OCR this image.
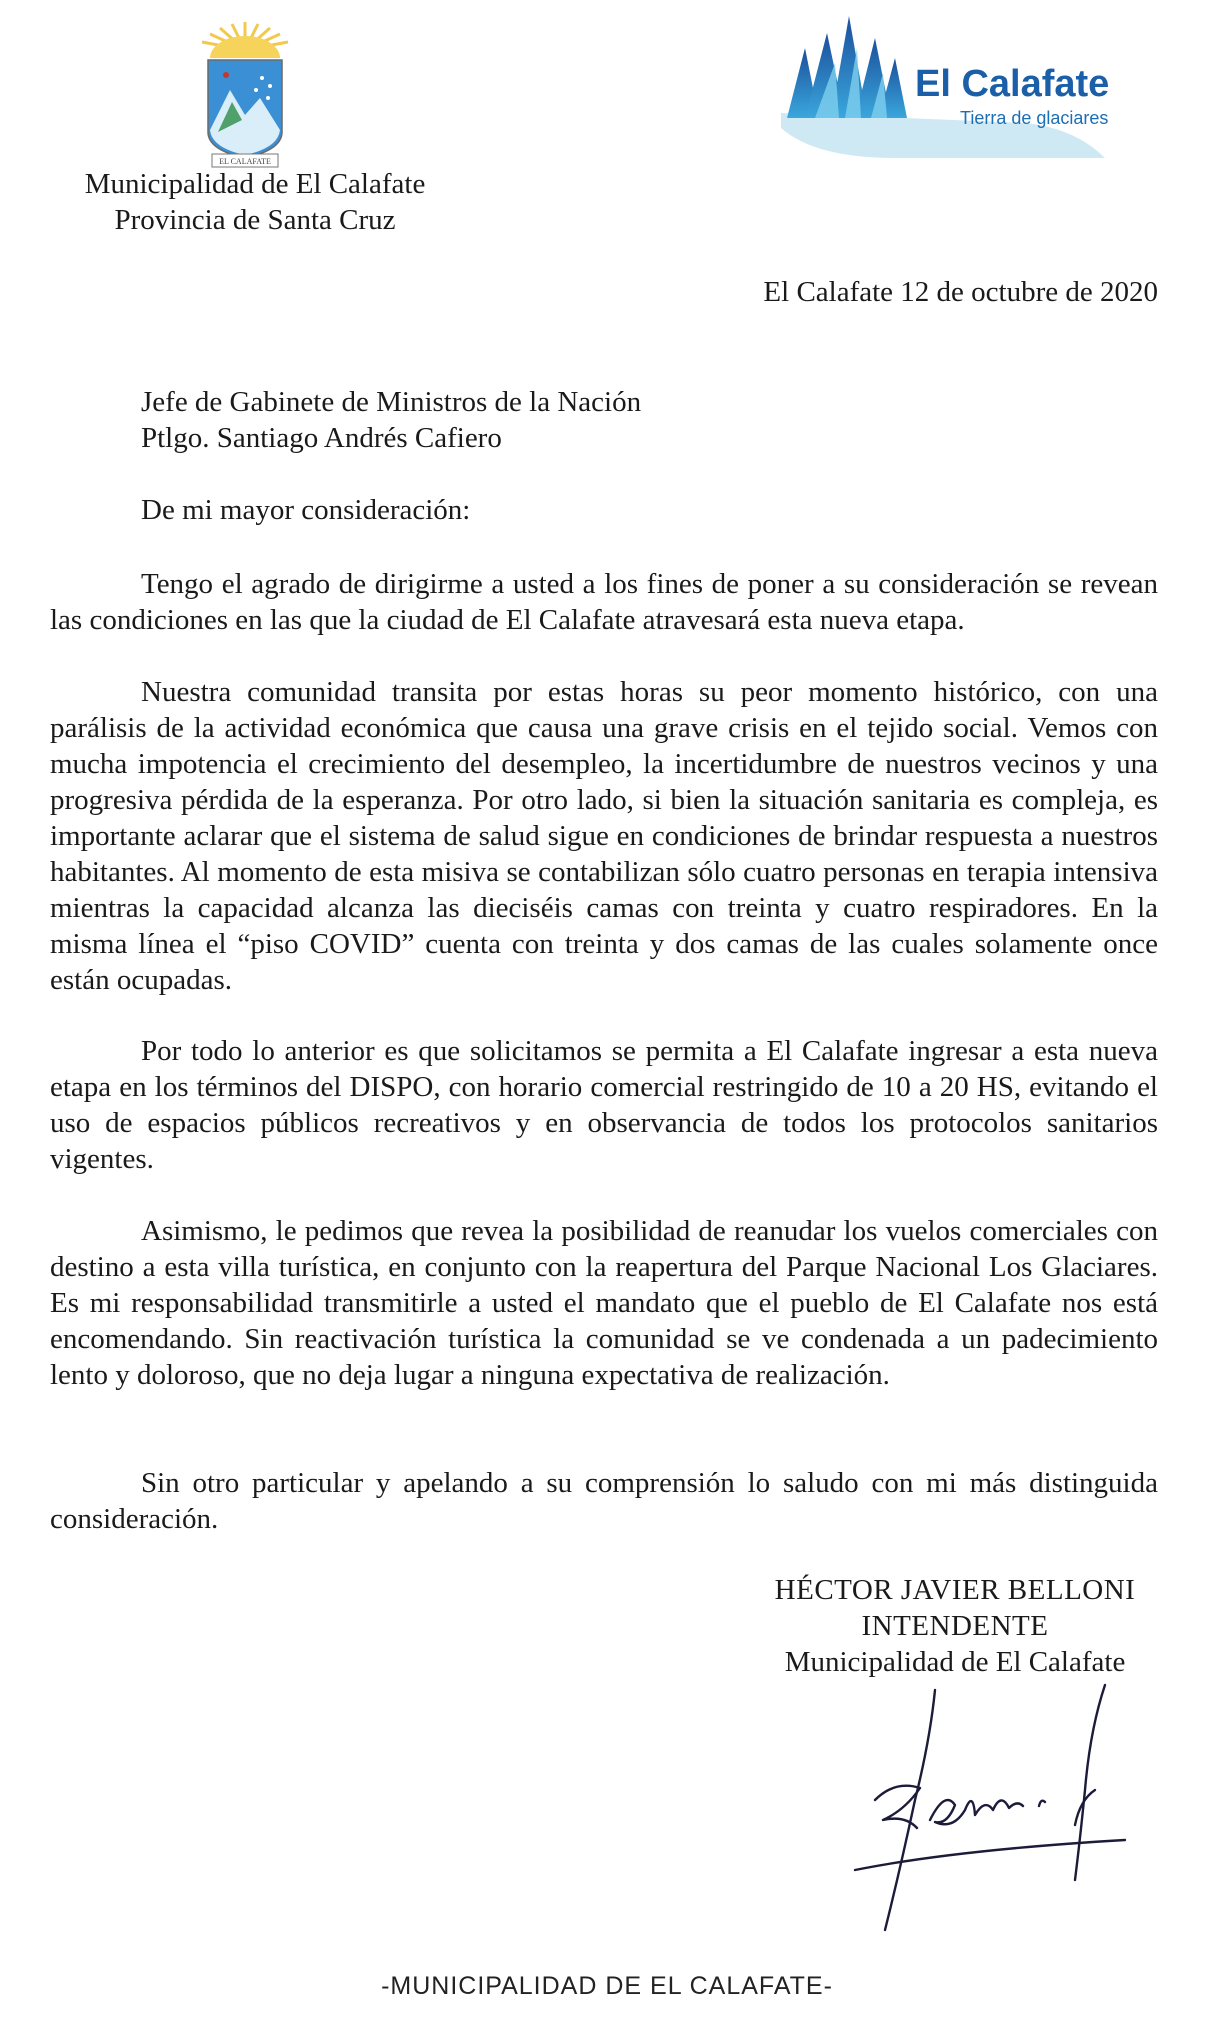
EL CALAFATE
Municipalidad de El Calafate
Provincia de Santa Cruz
El Calafate
Tierra de glaciares
El Calafate 12 de octubre de 2020
Jefe de Gabinete de Ministros de la Nación
Ptlgo. Santiago Andrés Cafiero
De mi mayor consideración:

Tengo el agrado de dirigirme a usted a los fines de poner a su consideración se revean las condiciones en las que la ciudad de El Calafate atravesará esta nueva etapa.

Nuestra comunidad transita por estas horas su peor momento histórico, con una parálisis de la actividad económica que causa una grave crisis en el tejido social. Vemos con mucha impotencia el crecimiento del desempleo, la incertidumbre de nuestros vecinos y una progresiva pérdida de la esperanza. Por otro lado, si bien la situación sanitaria es compleja, es importante aclarar que el sistema de salud sigue en condiciones de brindar respuesta a nuestros habitantes. Al momento de esta misiva se contabilizan sólo cuatro personas en terapia intensiva mientras la capacidad alcanza las dieciséis camas con treinta y cuatro respiradores. En la misma línea el “piso COVID” cuenta con treinta y dos camas de las cuales solamente once están ocupadas.

Por todo lo anterior es que solicitamos se permita a El Calafate ingresar a esta nueva etapa en los términos del DISPO, con horario comercial restringido de 10 a 20 HS, evitando el uso de espacios públicos recreativos y en observancia de todos los protocolos sanitarios vigentes.

Asimismo, le pedimos que revea la posibilidad de reanudar los vuelos comerciales con destino a esta villa turística, en conjunto con la reapertura del Parque Nacional Los Glaciares. Es mi responsabilidad transmitirle a usted el mandato que el pueblo de El Calafate nos está encomendando. Sin reactivación turística la comunidad se ve condenada a un padecimiento lento y doloroso, que no deja lugar a ninguna expectativa de realización.

Sin otro particular y apelando a su comprensión lo saludo con mi más distinguida consideración.

HÉCTOR JAVIER BELLONI
INTENDENTE
Municipalidad de El Calafate
-MUNICIPALIDAD DE EL CALAFATE-
